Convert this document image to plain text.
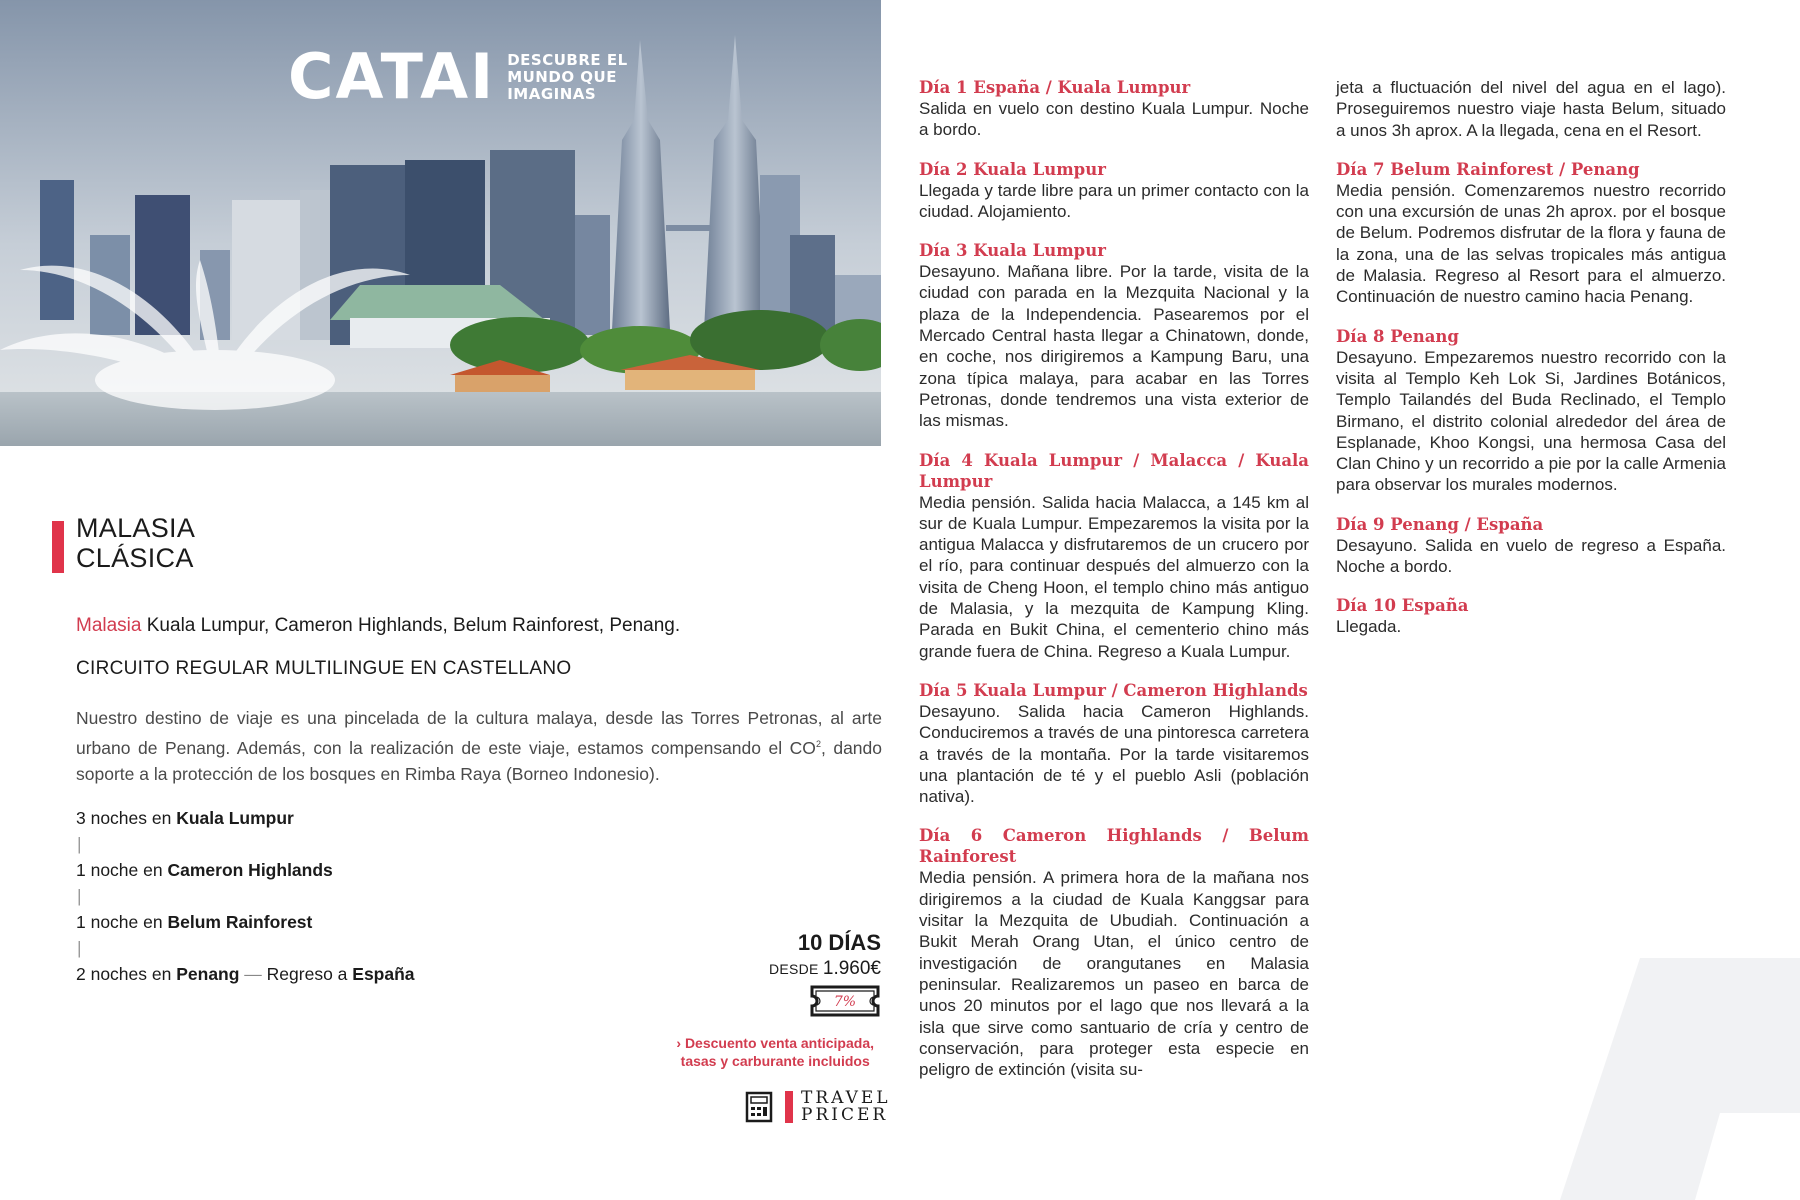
CATAI DESCUBRE EL MUNDO QUE IMAGINAS
MALASIA
CLÁSICA
Malasia Kuala Lumpur, Cameron Highlands, Belum Rainforest, Penang.
CIRCUITO REGULAR MULTILINGUE EN CASTELLANO
Nuestro destino de viaje es una pincelada de la cultura malaya, desde las Torres Petronas, al arte urbano de Penang. Además, con la realización de este viaje, estamos compensando el $CO^2$, dando soporte a la protección de los bosques en Rimba Raya (Borneo Indonesio).
3 noches en Kuala Lumpur
|
1 noche en Cameron Highlands
|
1 noche en Belum Rainforest
|
2 noches en Penang — Regreso a España
10 DÍAS
DESDE 1.960€
7%
› Descuento venta anticipada,
tasas y carburante incluidos
TRAVEL
PRICER
Día 1 España / Kuala Lumpur

Salida en vuelo con destino Kuala Lumpur. Noche a bordo.

Día 2 Kuala Lumpur

Llegada y tarde libre para un primer contacto con la ciudad. Alojamiento.

Día 3 Kuala Lumpur

Desayuno. Mañana libre. Por la tarde, visita de la ciudad con parada en la Mezquita Nacional y la plaza de la Independencia. Pasearemos por el Mercado Central hasta llegar a Chinatown, donde, en coche, nos dirigiremos a Kampung Baru, una zona típica malaya, para acabar en las Torres Petronas, donde tendremos una vista exterior de las mismas.

Día 4 Kuala Lumpur / Malacca / Kuala Lumpur

Media pensión. Salida hacia Malacca, a 145 km al sur de Kuala Lumpur. Empezaremos la visita por la antigua Malacca y disfrutaremos de un crucero por el río, para continuar después del almuerzo con la visita de Cheng Hoon, el templo chino más antiguo de Malasia, y la mezquita de Kampung Kling. Parada en Bukit China, el cementerio chino más grande fuera de China. Regreso a Kuala Lumpur.

Día 5 Kuala Lumpur / Cameron Highlands

Desayuno. Salida hacia Cameron Highlands. Conduciremos a través de una pintoresca carretera a través de la montaña. Por la tarde visitaremos una plantación de té y el pueblo Asli (población nativa).

Día 6 Cameron Highlands / Belum Rainforest

Media pensión. A primera hora de la mañana nos dirigiremos a la ciudad de Kuala Kanggsar para visitar la Mezquita de Ubudiah. Continuación a Bukit Merah Orang Utan, el único centro de investigación de orangutanes en Malasia peninsular. Realizaremos un paseo en barca de unos 20 minutos por el lago que nos llevará a la isla que sirve como santuario de cría y centro de conservación, para proteger esta especie en peligro de extinción (visita su-

jeta a fluctuación del nivel del agua en el lago). Proseguiremos nuestro viaje hasta Belum, situado a unos 3h aprox. A la llegada, cena en el Resort.
Día 7 Belum Rainforest / Penang

Media pensión. Comenzaremos nuestro recorrido con una excursión de unas 2h aprox. por el bosque de Belum. Podremos disfrutar de la flora y fauna de la zona, una de las selvas tropicales más antigua de Malasia. Regreso al Resort para el almuerzo. Continuación de nuestro camino hacia Penang.

Día 8 Penang

Desayuno. Empezaremos nuestro recorrido con la visita al Templo Keh Lok Si, Jardines Botánicos, Templo Tailandés del Buda Reclinado, el Templo Birmano, el distrito colonial alrededor del área de Esplanade, Khoo Kongsi, una hermosa Casa del Clan Chino y un recorrido a pie por la calle Armenia para observar los murales modernos.

Día 9 Penang / España

Desayuno. Salida en vuelo de regreso a España. Noche a bordo.

Día 10 España

Llegada.
